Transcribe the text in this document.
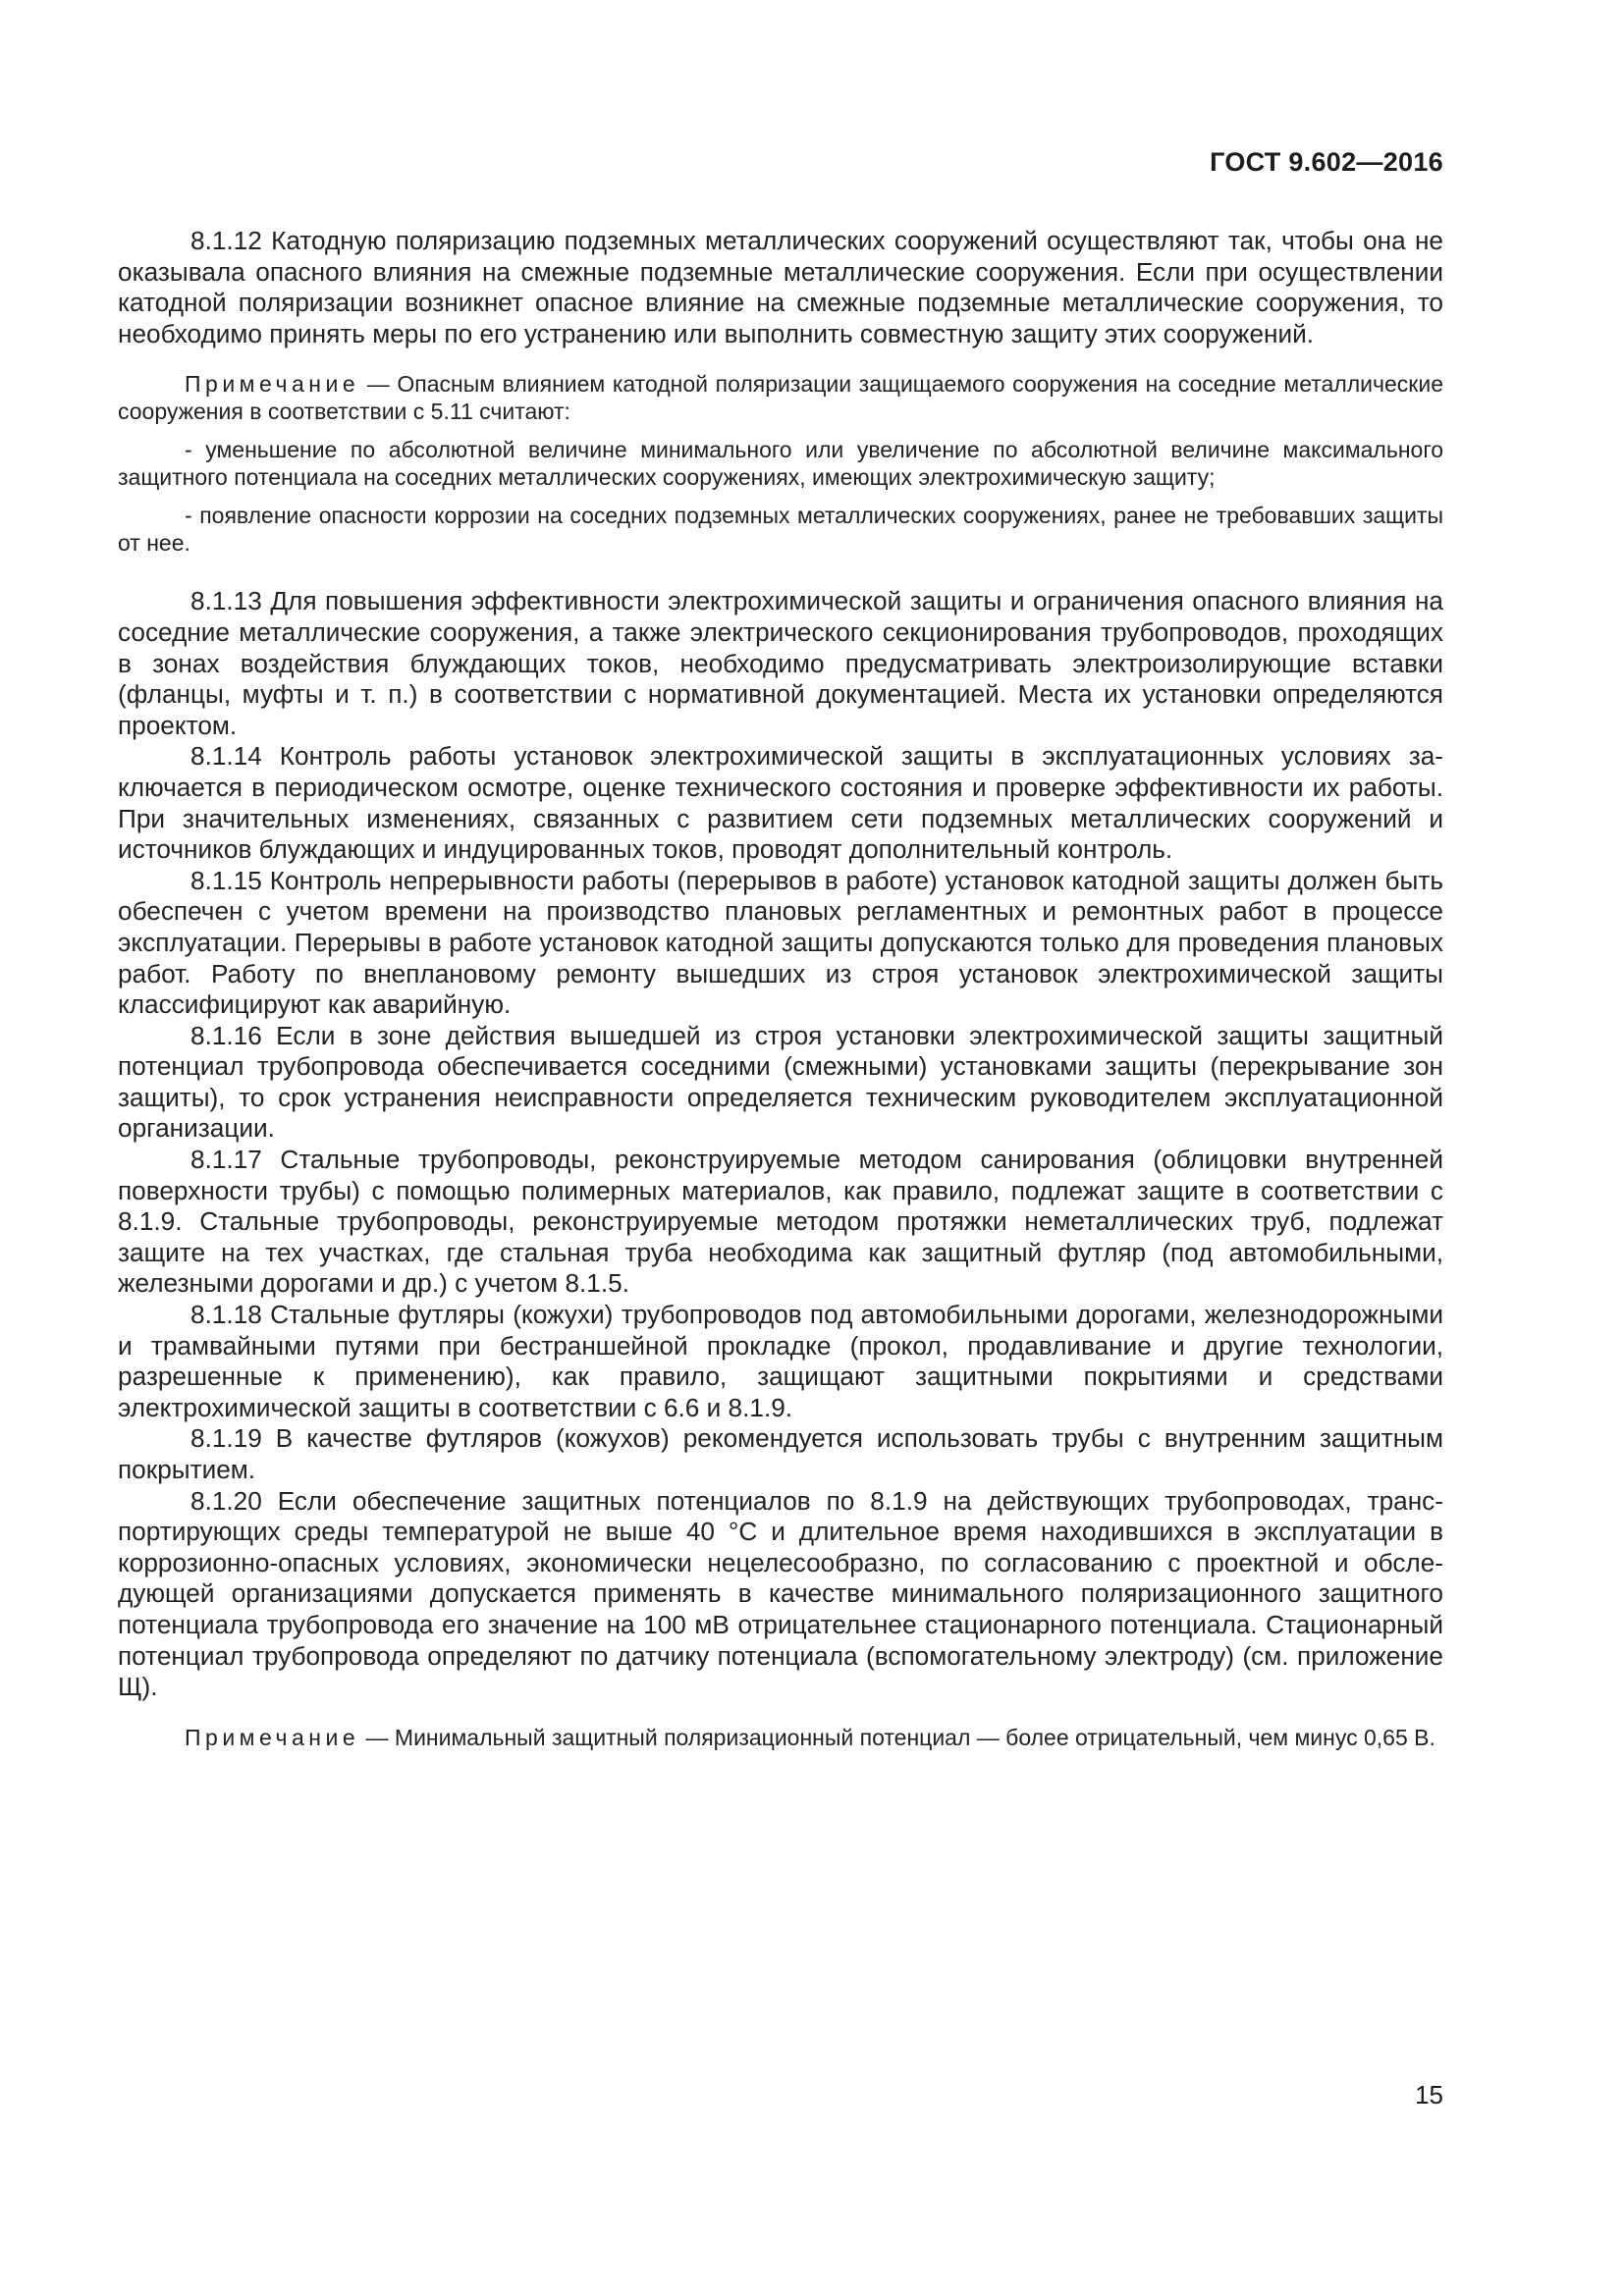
ГОСТ 9.602—2016

8.1.12 Катодную поляризацию подземных металлических сооружений осуществляют так, чтобы она не оказывала опасного влияния на смежные подземные металлические сооружения. Если при осуществлении катодной поляризации возникнет опасное влияние на смежные подземные металлические сооружения, то необходимо принять меры по его устранению или выполнить совместную защиту этих сооружений.

Примечание — Опасным влиянием катодной поляризации защищаемого сооружения на соседние металлические сооружения в соответствии с 5.11 считают:

- уменьшение по абсолютной величине минимального или увеличение по абсолютной величине максимального защитного потенциала на соседних металлических сооружениях, имеющих электрохимическую защиту;

- появление опасности коррозии на соседних подземных металлических сооружениях, ранее не требовавших защиты от нее.

8.1.13 Для повышения эффективности электрохимической защиты и ограничения опасного влияния на соседние металлические сооружения, а также электрического секционирования трубопроводов, проходящих в зонах воздействия блуждающих токов, необходимо предусматривать электроизолирующие вставки (фланцы, муфты и т. п.) в соответствии с нормативной документацией. Места их установки определяются проектом.

8.1.14 Контроль работы установок электрохимической защиты в эксплуатационных условиях заключается в периодическом осмотре, оценке технического состояния и проверке эффективности их работы. При значительных изменениях, связанных с развитием сети подземных металлических сооружений и источников блуждающих и индуцированных токов, проводят дополнительный контроль.

8.1.15 Контроль непрерывности работы (перерывов в работе) установок катодной защиты должен быть обеспечен с учетом времени на производство плановых регламентных и ремонтных работ в процессе эксплуатации. Перерывы в работе установок катодной защиты допускаются только для проведения плановых работ. Работу по внеплановому ремонту вышедших из строя установок электрохимической защиты классифицируют как аварийную.

8.1.16 Если в зоне действия вышедшей из строя установки электрохимической защиты защитный потенциал трубопровода обеспечивается соседними (смежными) установками защиты (перекрывание зон защиты), то срок устранения неисправности определяется техническим руководителем эксплуатационной организации.

8.1.17 Стальные трубопроводы, реконструируемые методом санирования (облицовки внутренней поверхности трубы) с помощью полимерных материалов, как правило, подлежат защите в соответствии с 8.1.9. Стальные трубопроводы, реконструируемые методом протяжки неметаллических труб, подлежат защите на тех участках, где стальная труба необходима как защитный футляр (под автомобильными, железными дорогами и др.) с учетом 8.1.5.

8.1.18 Стальные футляры (кожухи) трубопроводов под автомобильными дорогами, железнодорожными и трамвайными путями при бестраншейной прокладке (прокол, продавливание и другие технологии, разрешенные к применению), как правило, защищают защитными покрытиями и средствами электрохимической защиты в соответствии с 6.6 и 8.1.9.

8.1.19 В качестве футляров (кожухов) рекомендуется использовать трубы с внутренним защитным покрытием.

8.1.20 Если обеспечение защитных потенциалов по 8.1.9 на действующих трубопроводах, транспортирующих среды температурой не выше 40 °С и длительное время находившихся в эксплуатации в коррозионно-опасных условиях, экономически нецелесообразно, по согласованию с проектной и обследующей организациями допускается применять в качестве минимального поляризационного защитного потенциала трубопровода его значение на 100 мВ отрицательнее стационарного потенциала. Стационарный потенциал трубопровода определяют по датчику потенциала (вспомогательному электроду) (см. приложение Щ).

Примечание — Минимальный защитный поляризационный потенциал — более отрицательный, чем минус 0,65 В.

15
